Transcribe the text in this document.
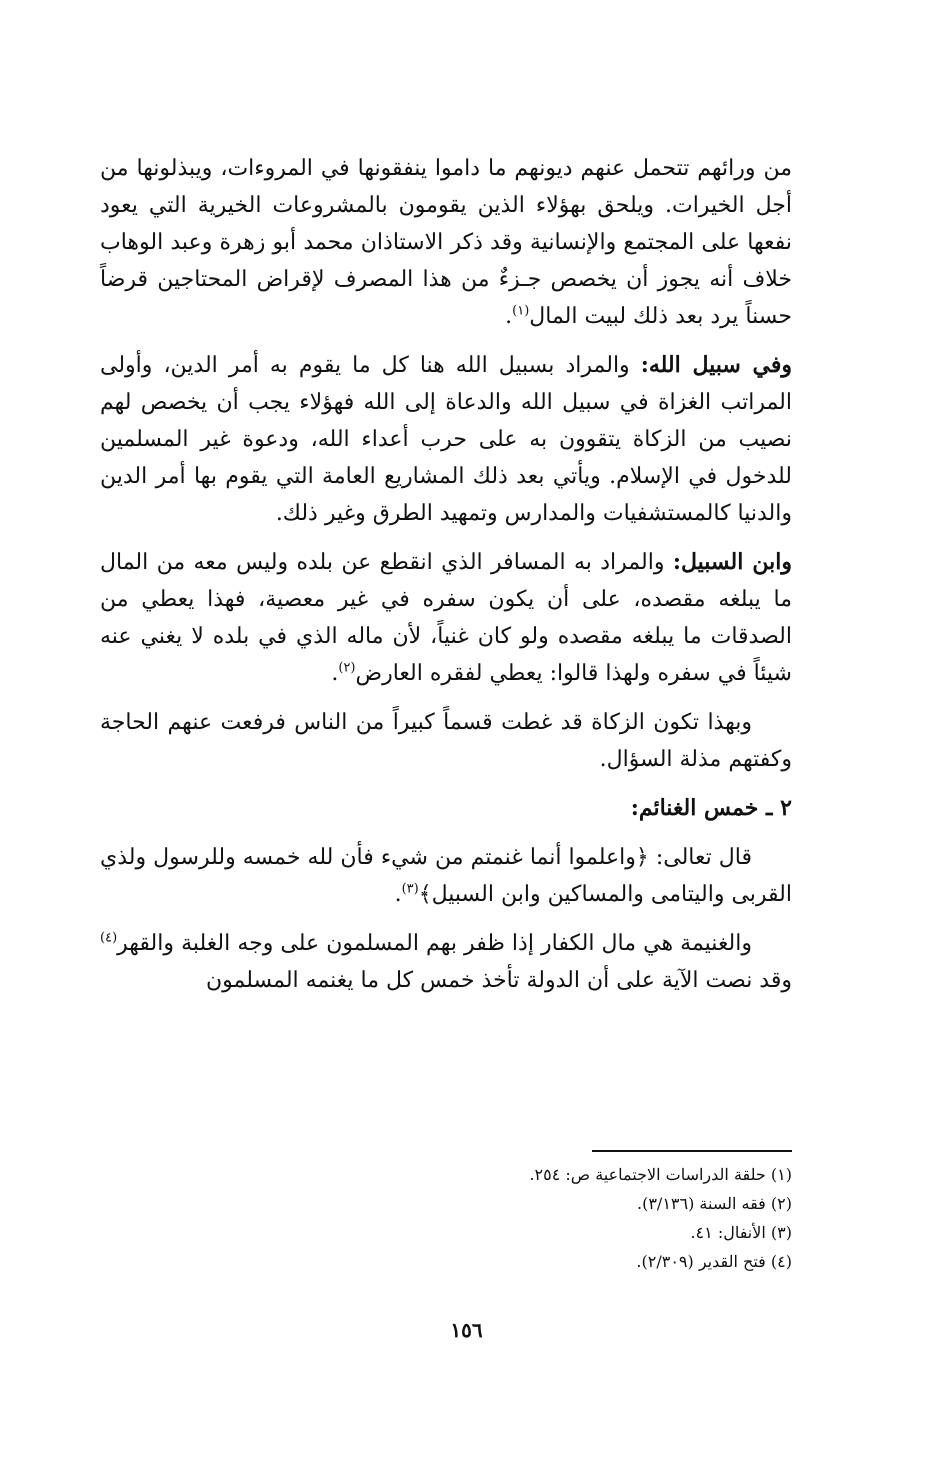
من ورائهم تتحمل عنهم ديونهم ما داموا ينفقونها في المروءات، ويبذلونها من أجل الخيرات. ويلحق بهؤلاء الذين يقومون بالمشروعات الخيرية التي يعود نفعها على المجتمع والإنسانية وقد ذكر الاستاذان محمد أبو زهرة وعبد الوهاب خلاف أنه يجوز أن يخصص جـزءٌ من هذا المصرف لإقراض المحتاجين قرضاً حسناً يرد بعد ذلك لبيت المال$^{(١)}$.

وفي سبيل الله: والمراد بسبيل الله هنا كل ما يقوم به أمر الدين، وأولى المراتب الغزاة في سبيل الله والدعاة إلى الله فهؤلاء يجب أن يخصص لهم نصيب من الزكاة يتقوون به على حرب أعداء الله، ودعوة غير المسلمين للدخول في الإسلام. ويأتي بعد ذلك المشاريع العامة التي يقوم بها أمر الدين والدنيا كالمستشفيات والمدارس وتمهيد الطرق وغير ذلك.

وابن السبيل: والمراد به المسافر الذي انقطع عن بلده وليس معه من المال ما يبلغه مقصده، على أن يكون سفره في غير معصية، فهذا يعطي من الصدقات ما يبلغه مقصده ولو كان غنياً، لأن ماله الذي في بلده لا يغني عنه شيئاً في سفره ولهذا قالوا: يعطي لفقره العارض$^{(٢)}$.

وبهذا تكون الزكاة قد غطت قسماً كبيراً من الناس فرفعت عنهم الحاجة وكفتهم مذلة السؤال.

٢ ـ خمس الغنائم:

قال تعالى: ﴿واعلموا أنما غنمتم من شيء فأن لله خمسه وللرسول ولذي القربى واليتامى والمساكين وابن السبيل﴾$^{(٣)}$.

والغنيمة هي مال الكفار إذا ظفر بهم المسلمون على وجه الغلبة والقهر$^{(٤)}$ وقد نصت الآية على أن الدولة تأخذ خمس كل ما يغنمه المسلمون

(١) حلقة الدراسات الاجتماعية ص: ٢٥٤.

(٢) فقه السنة (٣/١٣٦).

(٣) الأنفال: ٤١.

(٤) فتح القدير (٢/٣٠٩).

١٥٦
